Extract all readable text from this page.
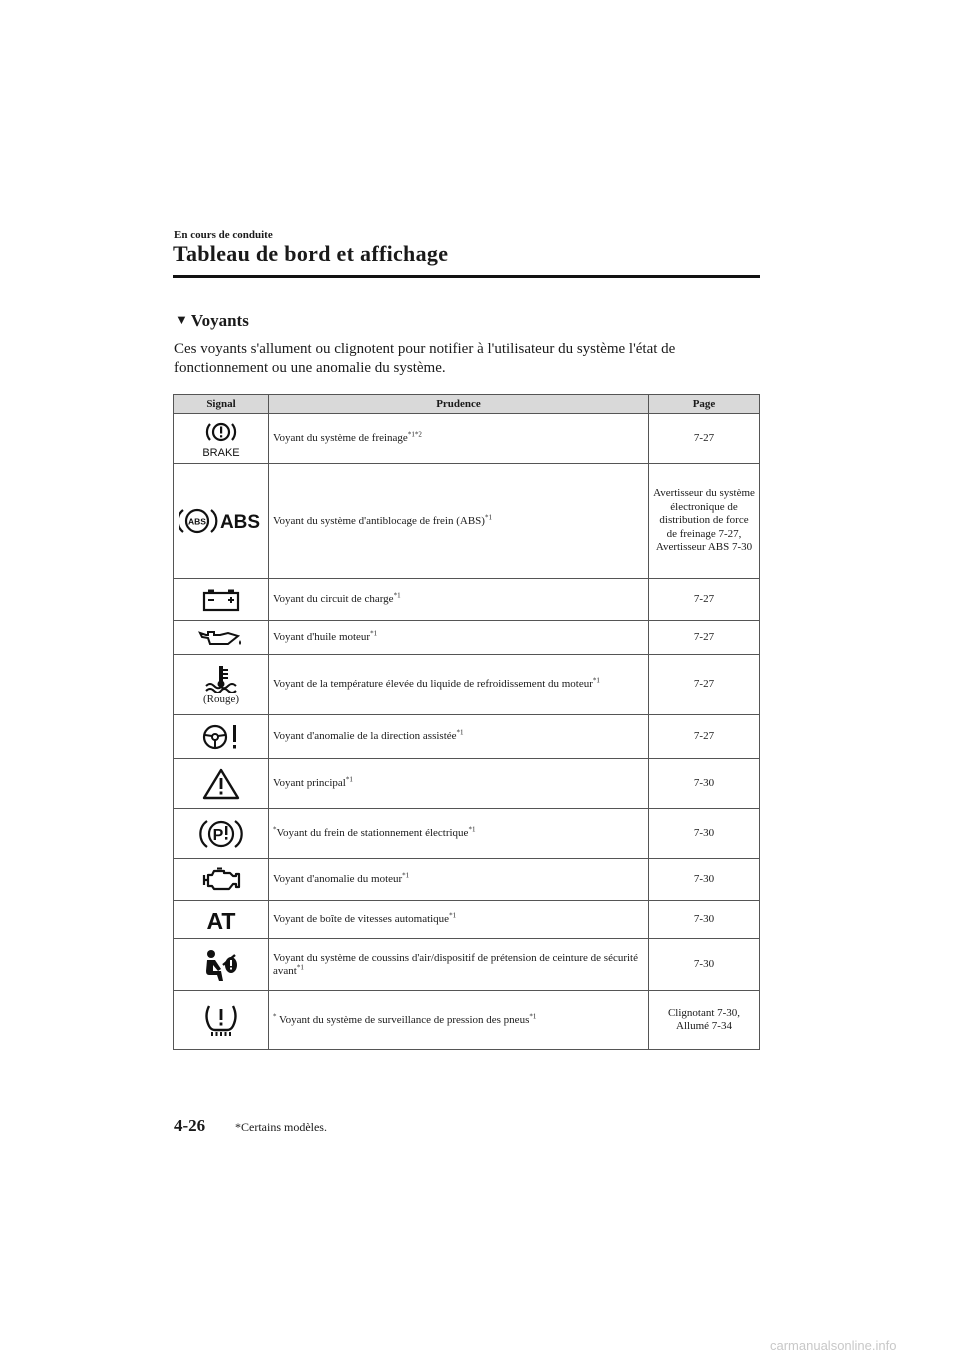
En cours de conduite
Tableau de bord et affichage
▼ Voyants
Ces voyants s'allument ou clignotent pour notifier à l'utilisateur du système l'état de fonctionnement ou une anomalie du système.
Signal	Prudence	Page

BRAKE	Voyant du système de freinage$^{*1*2}$	7-27

ABS ABS	Voyant du système d'antiblocage de frein (ABS)$^{*1}$	Avertisseur du système électronique de distribution de force de freinage 7-27, Avertisseur ABS 7-30

	Voyant du circuit de charge$^{*1}$	7-27

	Voyant d'huile moteur$^{*1}$	7-27

(Rouge)	Voyant de la température élevée du liquide de refroidissement du moteur$^{*1}$	7-27

	Voyant d'anomalie de la direction assistée$^{*1}$	7-27

	Voyant principal$^{*1}$	7-30

P	*Voyant du frein de stationnement électrique$^{*1}$	7-30

	Voyant d'anomalie du moteur$^{*1}$	7-30

AT	Voyant de boîte de vitesses automatique$^{*1}$	7-30

	Voyant du système de coussins d'air/dispositif de prétension de ceinture de sécurité avant$^{*1}$	7-30

	* Voyant du système de surveillance de pression des pneus$^{*1}$	Clignotant 7-30, Allumé 7-34
4-26 *Certains modèles.
carmanualsonline.info
